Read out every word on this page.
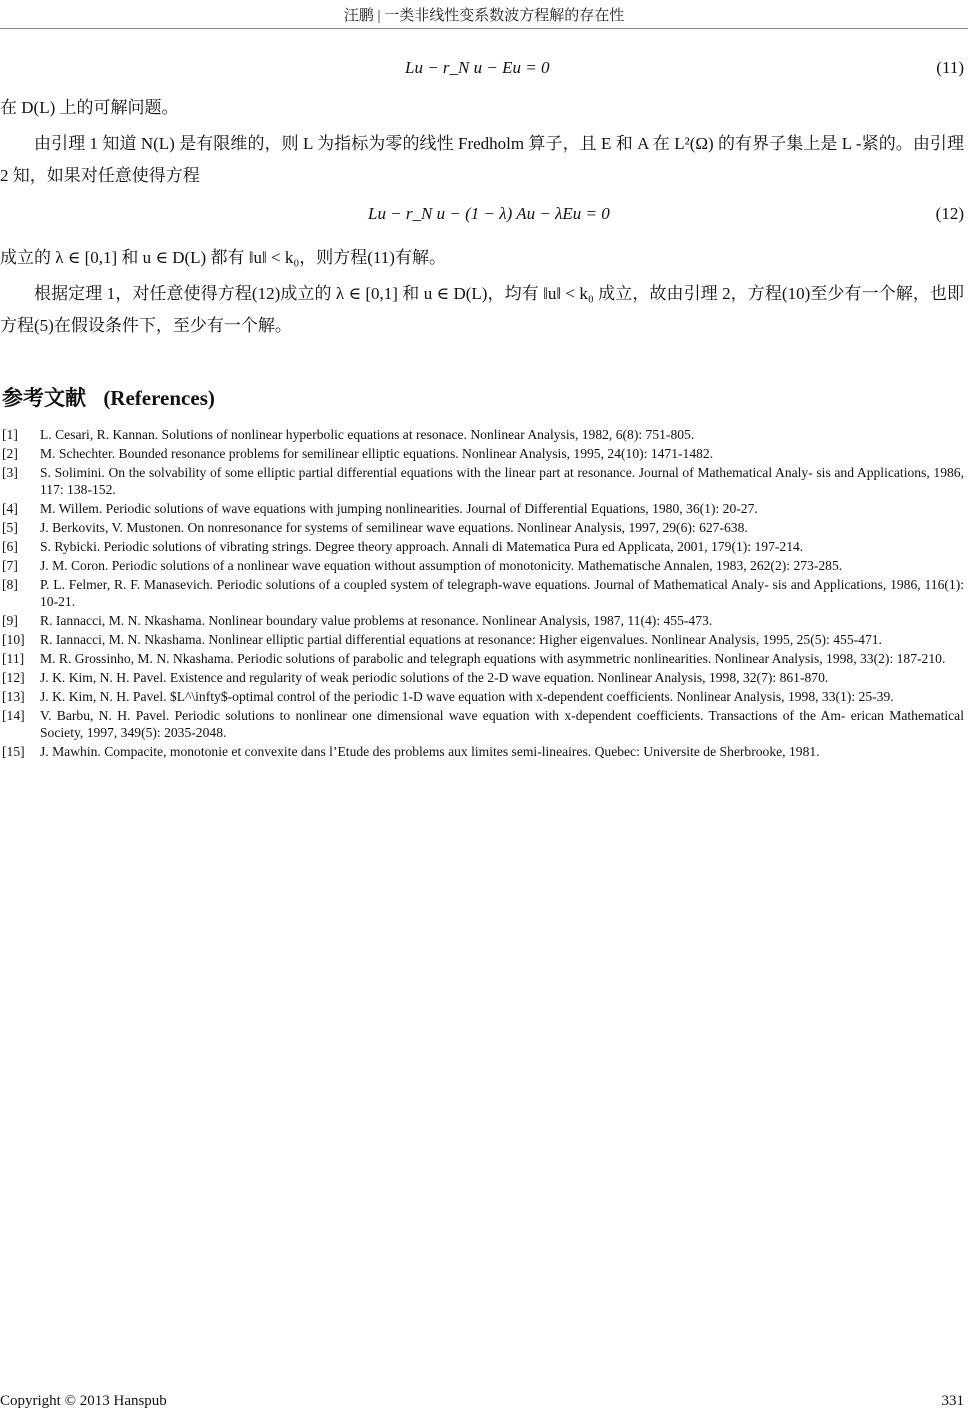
汪鹏 | 一类非线性变系数波方程解的存在性
Lu − r_N u − Eu = 0	(11)

在 D(L) 上的可解问题。

由引理 1 知道 N(L) 是有限维的，则 L 为指标为零的线性 Fredholm 算子，且 E 和 A 在 L²(Ω) 的有界子集上是 L -紧的。由引理 2 知，如果对任意使得方程

Lu − r_N u − (1 − λ) Au − λEu = 0	(12)

成立的 λ ∈ [0,1] 和 u ∈ D(L) 都有 ‖u‖ < k₀，则方程(11)有解。

根据定理 1，对任意使得方程(12)成立的 λ ∈ [0,1] 和 u ∈ D(L)，均有 ‖u‖ < k₀ 成立，故由引理 2，方程(10)至少有一个解，也即方程(5)在假设条件下，至少有一个解。

参考文献 (References)
[1] L. Cesari, R. Kannan. Solutions of nonlinear hyperbolic equations at resonace. Nonlinear Analysis, 1982, 6(8): 751-805.
[2] M. Schechter. Bounded resonance problems for semilinear elliptic equations. Nonlinear Analysis, 1995, 24(10): 1471-1482.
[3] S. Solimini. On the solvability of some elliptic partial differential equations with the linear part at resonance. Journal of Mathematical Analy- sis and Applications, 1986, 117: 138-152.
[4] M. Willem. Periodic solutions of wave equations with jumping nonlinearities. Journal of Differential Equations, 1980, 36(1): 20-27.
[5] J. Berkovits, V. Mustonen. On nonresonance for systems of semilinear wave equations. Nonlinear Analysis, 1997, 29(6): 627-638.
[6] S. Rybicki. Periodic solutions of vibrating strings. Degree theory approach. Annali di Matematica Pura ed Applicata, 2001, 179(1): 197-214.
[7] J. M. Coron. Periodic solutions of a nonlinear wave equation without assumption of monotonicity. Mathematische Annalen, 1983, 262(2): 273-285.
[8] P. L. Felmer, R. F. Manasevich. Periodic solutions of a coupled system of telegraph-wave equations. Journal of Mathematical Analy- sis and Applications, 1986, 116(1): 10-21.
[9] R. Iannacci, M. N. Nkashama. Nonlinear boundary value problems at resonance. Nonlinear Analysis, 1987, 11(4): 455-473.
[10] R. Iannacci, M. N. Nkashama. Nonlinear elliptic partial differential equations at resonance: Higher eigenvalues. Nonlinear Analysis, 1995, 25(5): 455-471.
[11] M. R. Grossinho, M. N. Nkashama. Periodic solutions of parabolic and telegraph equations with asymmetric nonlinearities. Nonlinear Analysis, 1998, 33(2): 187-210.
[12] J. K. Kim, N. H. Pavel. Existence and regularity of weak periodic solutions of the 2-D wave equation. Nonlinear Analysis, 1998, 32(7): 861-870.
[13] J. K. Kim, N. H. Pavel. $L^\infty$-optimal control of the periodic 1-D wave equation with x-dependent coefficients. Nonlinear Analysis, 1998, 33(1): 25-39.
[14] V. Barbu, N. H. Pavel. Periodic solutions to nonlinear one dimensional wave equation with x-dependent coefficients. Transactions of the Am- erican Mathematical Society, 1997, 349(5): 2035-2048.
[15] J. Mawhin. Compacite, monotonie et convexite dans l’Etude des problems aux limites semi-lineaires. Quebec: Universite de Sherbrooke, 1981.
Copyright © 2013 Hanspub	331
